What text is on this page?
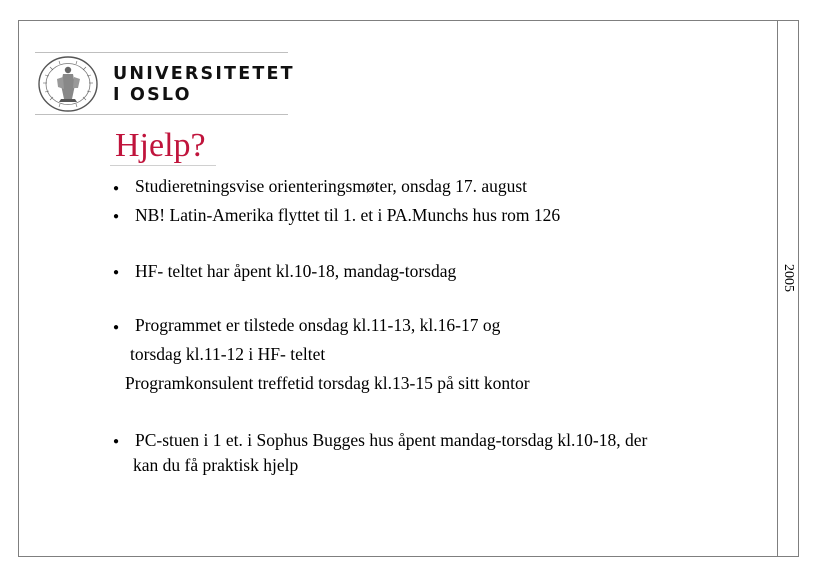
2005
UNIVERSITETET
I OSLO
Hjelp?
● Studieretningsvise orienteringsmøter, onsdag 17. august
● NB! Latin-Amerika flyttet til 1. et i PA.Munchs hus rom 126
● HF- teltet har åpent kl.10-18, mandag-torsdag
● Programmet er tilstede onsdag kl.11-13, kl.16-17 og
torsdag kl.11-12 i HF- teltet
Programkonsulent treffetid torsdag kl.13-15 på sitt kontor
● PC-stuen i 1 et. i Sophus Bugges hus åpent mandag-torsdag kl.10-18, der
kan du få praktisk hjelp
